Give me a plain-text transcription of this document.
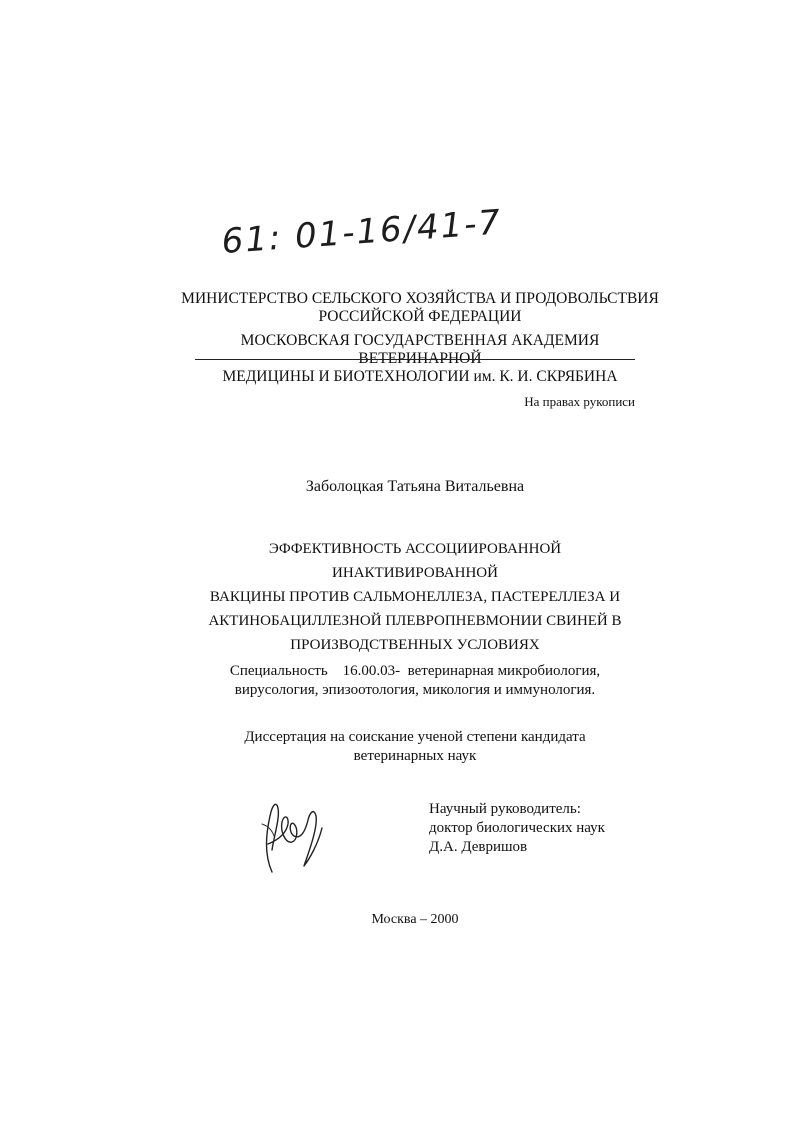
61: 01-16/41-7
МИНИСТЕРСТВО СЕЛЬСКОГО ХОЗЯЙСТВА И ПРОДОВОЛЬСТВИЯ
РОССИЙСКОЙ ФЕДЕРАЦИИ
МОСКОВСКАЯ ГОСУДАРСТВЕННАЯ АКАДЕМИЯ ВЕТЕРИНАРНОЙ
МЕДИЦИНЫ И БИОТЕХНОЛОГИИ им. К. И. СКРЯБИНА
На правах рукописи
Заболоцкая Татьяна Витальевна
ЭФФЕКТИВНОСТЬ АССОЦИИРОВАННОЙ ИНАКТИВИРОВАННОЙ
ВАКЦИНЫ ПРОТИВ САЛЬМОНЕЛЛЕЗА, ПАСТЕРЕЛЛЕЗА И
АКТИНОБАЦИЛЛЕЗНОЙ ПЛЕВРОПНЕВМОНИИ СВИНЕЙ В
ПРОИЗВОДСТВЕННЫХ УСЛОВИЯХ
Специальность    16.00.03-  ветеринарная микробиология,
вирусология, эпизоотология, микология и иммунология.
Диссертация на соискание ученой степени кандидата
ветеринарных наук
Научный руководитель:
доктор биологических наук
Д.А. Девришов
Москва – 2000
